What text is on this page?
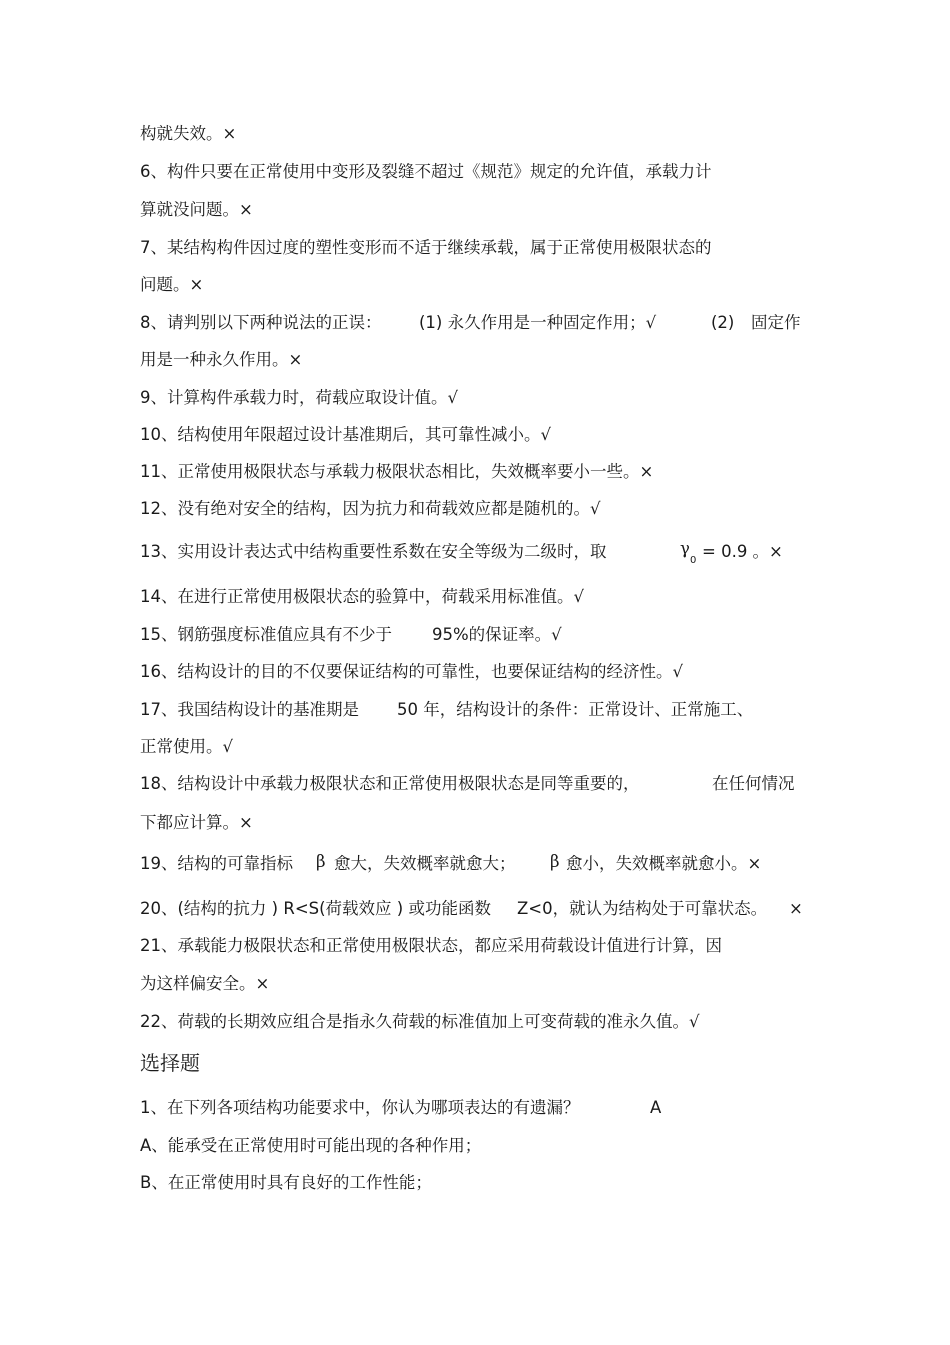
构就失效。×
6、构件只要在正常使用中变形及裂缝不超过《规范》规定的允许值，承载力计
算就没问题。×
7、某结构构件因过度的塑性变形而不适于继续承载，属于正常使用极限状态的
问题。×
8、请判别以下两种说法的正误： (1) 永久作用是一种固定作用；√	(2) 固定作
用是一种永久作用。×
9、计算构件承载力时，荷载应取设计值。√
10、结构使用年限超过设计基准期后，其可靠性减小。√
11、正常使用极限状态与承载力极限状态相比，失效概率要小一些。×
12、没有绝对安全的结构，因为抗力和荷载效应都是随机的。√
13、实用设计表达式中结构重要性系数在安全等级为二级时，取	γ
0 = 0.9 。×
14、在进行正常使用极限状态的验算中，荷载采用标准值。√
15、钢筋强度标准值应具有不少于 95%的保证率。√
16、结构设计的目的不仅要保证结构的可靠性，也要保证结构的经济性。√
17、我国结构设计的基准期是 50 年，结构设计的条件：正常设计、正常施工、
正常使用。√
18、结构设计中承载力极限状态和正常使用极限状态是同等重要的，	在任何情况
下都应计算。×
19、结构的可靠指标 β 愈大，失效概率就愈大； β 愈小，失效概率就愈小。×
20、(结构的抗力 ) R<S(荷载效应 ) 或功能函数 Z<0，就认为结构处于可靠状态。 ×
21、承载能力极限状态和正常使用极限状态，都应采用荷载设计值进行计算，因
为这样偏安全。×
22、荷载的长期效应组合是指永久荷载的标准值加上可变荷载的准永久值。√
选择题
1、在下列各项结构功能要求中，你认为哪项表达的有遗漏？	A
A、能承受在正常使用时可能出现的各种作用；
B、在正常使用时具有良好的工作性能；
